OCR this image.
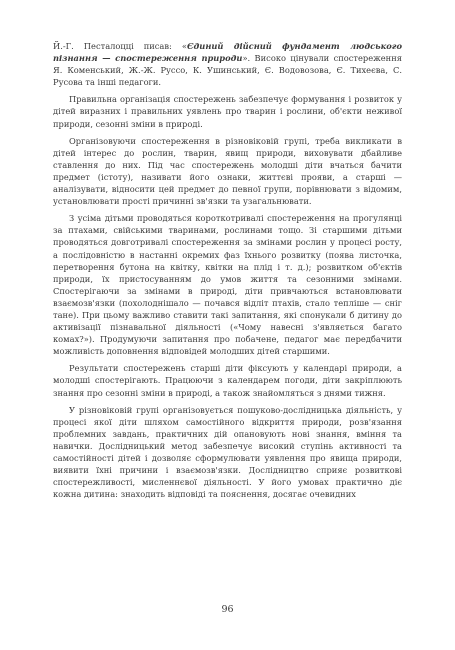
Й.-Г. Песталоцці писав: «Єдиний дійсний фундамент людського пізнання — спостереження природи». Високо цінували спостереження Я. Коменський, Ж.-Ж. Руссо, К. Ушинський, Є. Водовозова, Є. Тихеєва, С. Русова та інші педагоги.

Правильна організація спостережень забезпечує формування і розвиток у дітей виразних і правильних уявлень про тварин і рослини, об'єкти неживої природи, сезонні зміни в природі.

Організовуючи спостереження в різновіковій групі, треба викликати в дітей інтерес до рослин, тварин, явищ природи, виховувати дбайливе ставлення до них. Під час спостережень молодші діти вчаться бачити предмет (істоту), називати його ознаки, життєві прояви, а старші — аналізувати, відносити цей предмет до певної групи, порівнювати з відомим, установлювати прості причинні зв'язки та узагальнювати.

З усіма дітьми проводяться короткотривалі спостереження на прогулянці за птахами, свійськими тваринами, рослинами тощо. Зі старшими дітьми проводяться довготривалі спостереження за змінами рослин у процесі росту, а послідовністю в настанні окремих фаз їхнього розвитку (поява листочка, перетворення бутона на квітку, квітки на плід і т. д.); розвитком об'єктів природи, їх пристосуванням до умов життя та сезонними змінами. Спостерігаючи за змінами в природі, діти привчаються встановлювати взаємозв'язки (похолоднішало — почався відліт птахів, стало тепліше — сніг тане). При цьому важливо ставити такі запитання, які спонукали б дитину до активізації пізнавальної діяльності («Чому навесні з'являється багато комах?»). Продумуючи запитання про побачене, педагог має передбачити можливість доповнення відповідей молодших дітей старшими.

Результати спостережень старші діти фіксують у календарі природи, а молодші спостерігають. Працюючи з календарем погоди, діти закріплюють знання про сезонні зміни в природі, а також знайомляться з днями тижня.

У різновіковій групі організовується пошуково-дослідницька діяльність, у процесі якої діти шляхом самостійного відкриття природи, розв'язання проблемних завдань, практичних дій опановують нові знання, вміння та навички. Дослідницький метод забезпечує високий ступінь активності та самостійності дітей і дозволяє сформулювати уявлення про явища природи, виявити їхні причини і взаємозв'язки. Дослідництво сприяє розвиткові спостережливості, мисленнєвої діяльності. У його умовах практично діє кожна дитина: знаходить відповіді та пояснення, досягає очевидних

96
